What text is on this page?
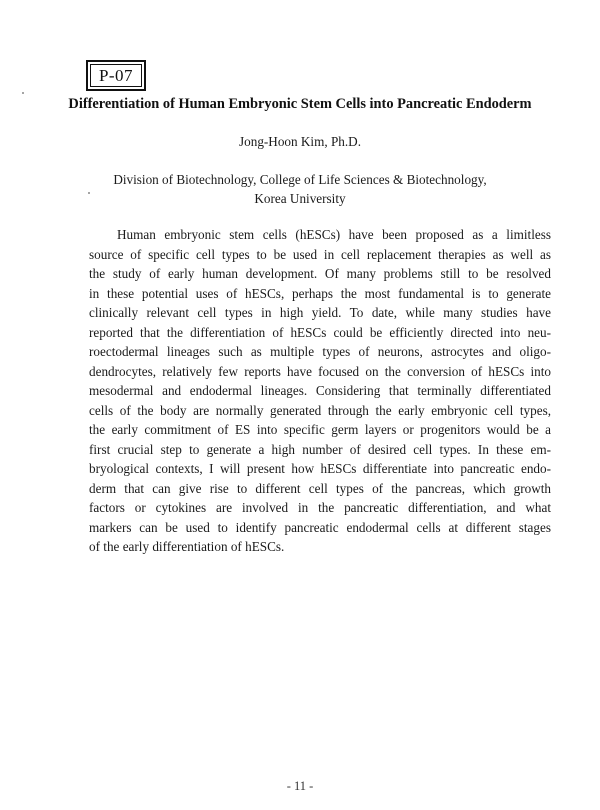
P-07
Differentiation of Human Embryonic Stem Cells into Pancreatic Endoderm
Jong-Hoon Kim, Ph.D.
Division of Biotechnology, College of Life Sciences & Biotechnology,
Korea University
Human embryonic stem cells (hESCs) have been proposed as a limitless
source of specific cell types to be used in cell replacement therapies as well as
the study of early human development. Of many problems still to be resolved
in these potential uses of hESCs, perhaps the most fundamental is to generate
clinically relevant cell types in high yield. To date, while many studies have
reported that the differentiation of hESCs could be efficiently directed into neu-
roectodermal lineages such as multiple types of neurons, astrocytes and oligo-
dendrocytes, relatively few reports have focused on the conversion of hESCs into
mesodermal and endodermal lineages. Considering that terminally differentiated
cells of the body are normally generated through the early embryonic cell types,
the early commitment of ES into specific germ layers or progenitors would be a
first crucial step to generate a high number of desired cell types. In these em-
bryological contexts, I will present how hESCs differentiate into pancreatic endo-
derm that can give rise to different cell types of the pancreas, which growth
factors or cytokines are involved in the pancreatic differentiation, and what
markers can be used to identify pancreatic endodermal cells at different stages
of the early differentiation of hESCs.
- 11 -
